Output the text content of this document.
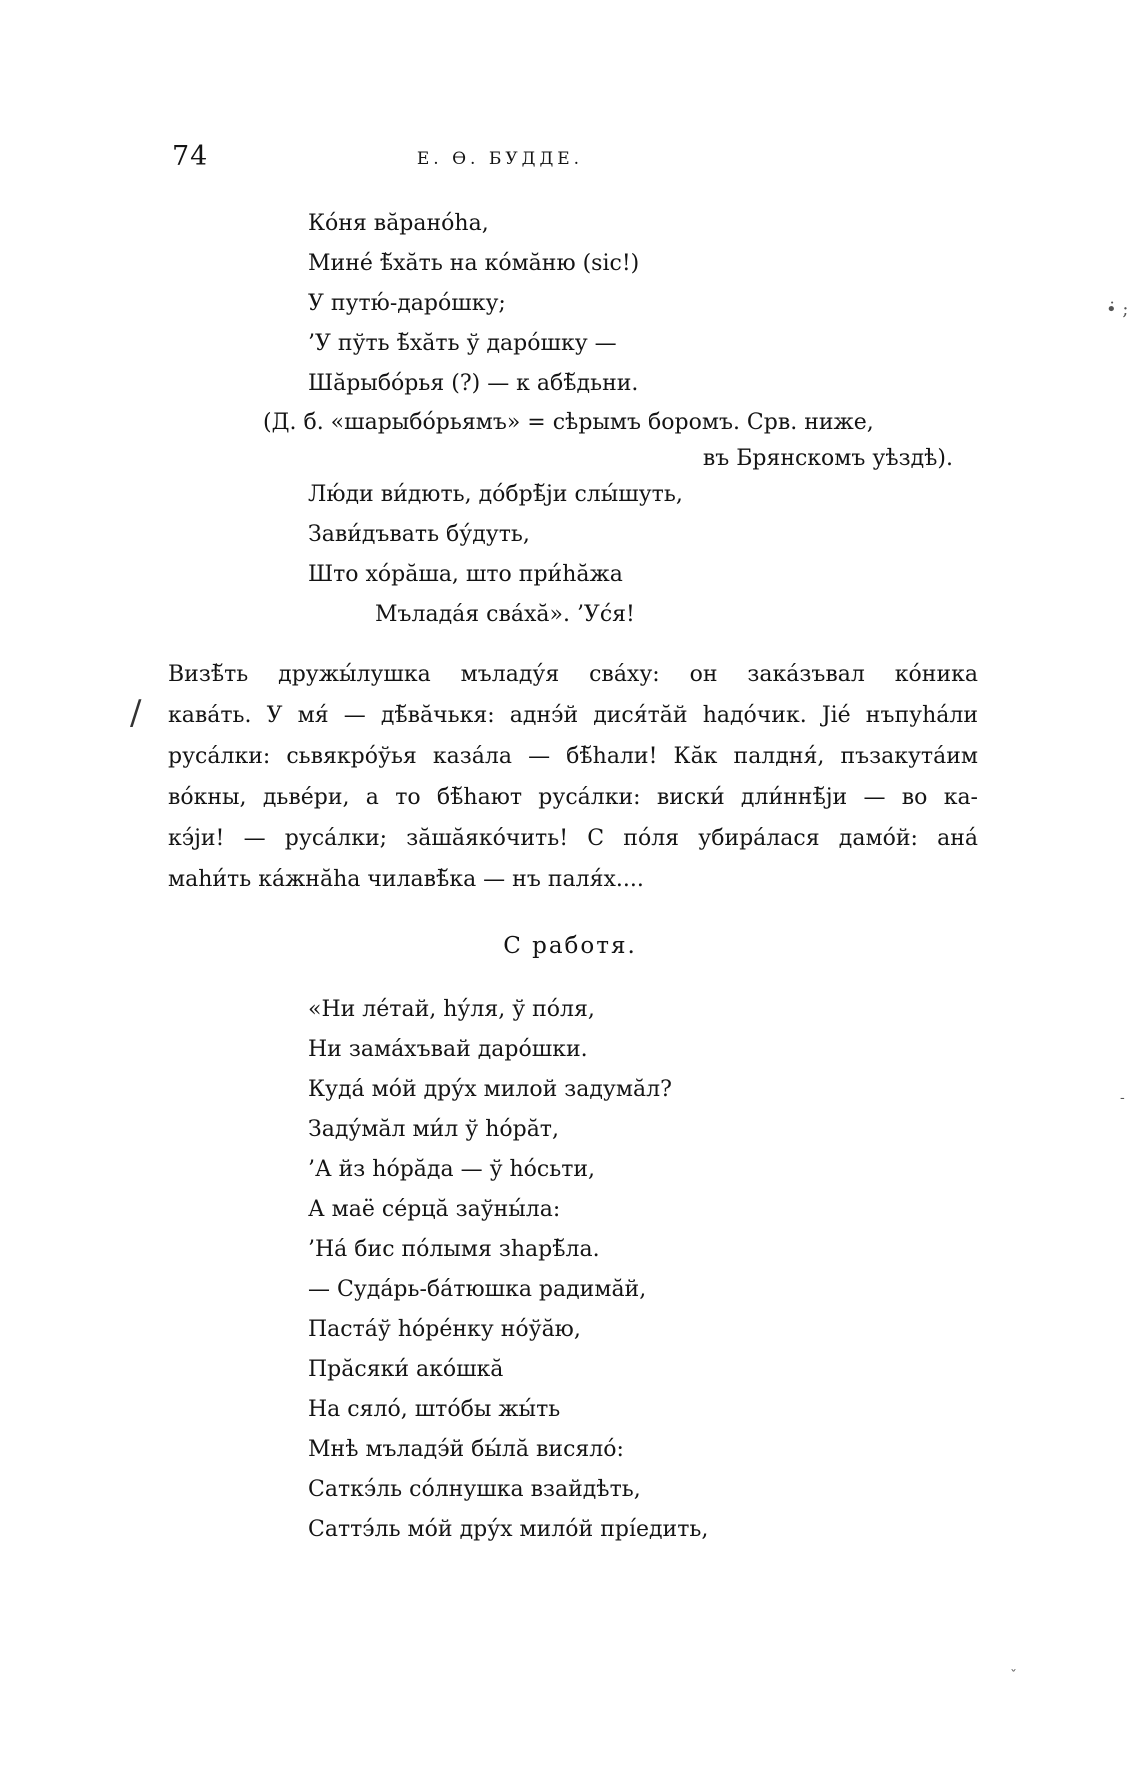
74	Е. Ѳ. БУДДЕ.
Ко́ня вăрано́hа,
Мине́ ѣ̆хăть на ко́мăню (sic!)
У путю́-даро́шку;
’У пўть ѣ̆хăть ў даро́шку —
Шăрыбо́рья (?) — к абѣ̆дьни.
(Д. б. «шарыбо́рьямъ» = сѣрымъ боромъ. Срв. ниже,
въ Брянскомъ уѣздѣ).
Лю́ди ви́дють, до́брѣ̆ји слы́шуть,
Зави́дъвать бу́дуть,
Што хо́рăша, што при́hăжа
Мъладáя свáхă». ’Ус́я!
Визѣ̆ть дружы́лушка мъладу́я свáху: он закáзъвал ко́ника
кавáть. У мя́ — дѣ̆вăчькя: аднэ́й дися́тăй hадо́чик. Јіе́ нъпуhа́ли
русáлки: сьвякро́ўья казáла — бѣ̆hали! Кăк палдня́, пъзакутáим
во́кны, дьвéри, а то бѣ̆hают русáлки: виски́ дли́ннѣ̆ји — во ка-
кэ́ји! — русáлки; зăшăякóчить! С по́ля убирáлася дамо́й: ана́
маhи́ть кáжнăhа чилавѣ̆ка — нъ паля́х....
С работя.
«Ни ле́тай, hу́ля, ў по́ля,
Ни замáхъвай даро́шки.
Кудá мо́й дру́х милой задумăл?
Заду́мăл ми́л ў hо́рăт,
’А йз hо́рăда — ў hо́сьти,
А маё сéрцă заўны́ла:
’Нá бис по́лымя зhарѣ̆ла.
— Судáрь-бáтюшка радимăй,
Пастáў hо́ре́нку но́ўăю,
Прăсяки́ ако́шкă
На сяло́, што́бы жы́ть
Мнѣ мъладэ́й бы́лă висяло́:
Саткэ́ль со́лнушка взайдѣть,
Саттэ́ль мо́й дру́х мило́й прі́едить,
/
•̇ ;
-
ˇ
